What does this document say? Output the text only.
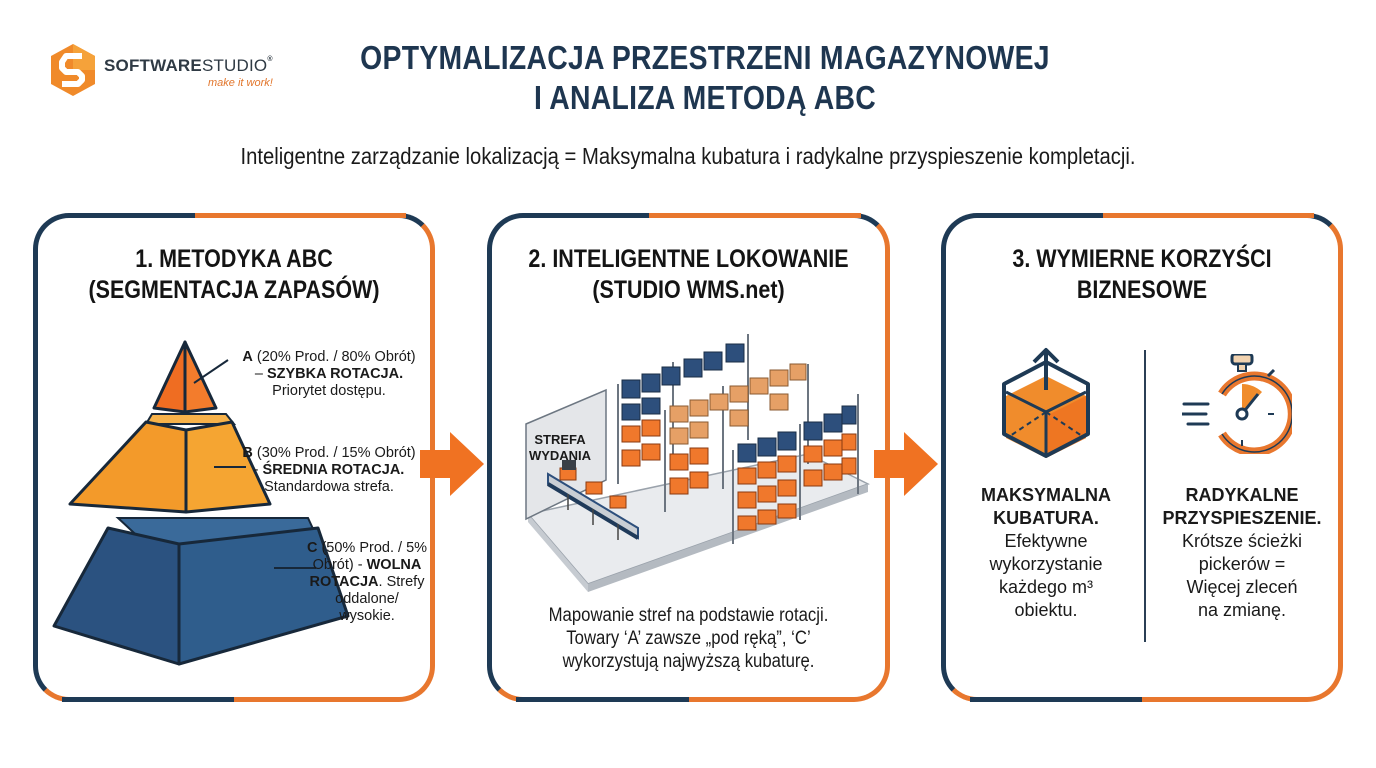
SOFTWARESTUDIO®
make it work!
OPTYMALIZACJA PRZESTRZENI MAGAZYNOWEJ
I ANALIZA METODĄ ABC
Inteligentne zarządzanie lokalizacją = Maksymalna kubatura i radykalne przyspieszenie kompletacji.
1. METODYKA ABC
(SEGMENTACJA ZAPASÓW)
A (20% Prod. / 80% Obrót)
– SZYBKA ROTACJA.
Priorytet dostępu.
B (30% Prod. / 15% Obrót)
- ŚREDNIA ROTACJA.
Standardowa strefa.
C (50% Prod. / 5%
Obrót) - WOLNA
ROTACJA. Strefy
oddalone/
wysokie.
2. INTELIGENTNE LOKOWANIE
(STUDIO WMS.net)
STREFA
WYDANIA
Mapowanie stref na podstawie rotacji.
Towary ‘A’ zawsze „pod ręką”, ‘C’
wykorzystują najwyższą kubaturę.
3. WYMIERNE KORZYŚCI
BIZNESOWE
MAKSYMALNA
KUBATURA.
Efektywne
wykorzystanie
każdego m³
obiektu.
RADYKALNE
PRZYSPIESZENIE.
Krótsze ścieżki
pickerów =
Więcej zleceń
na zmianę.
